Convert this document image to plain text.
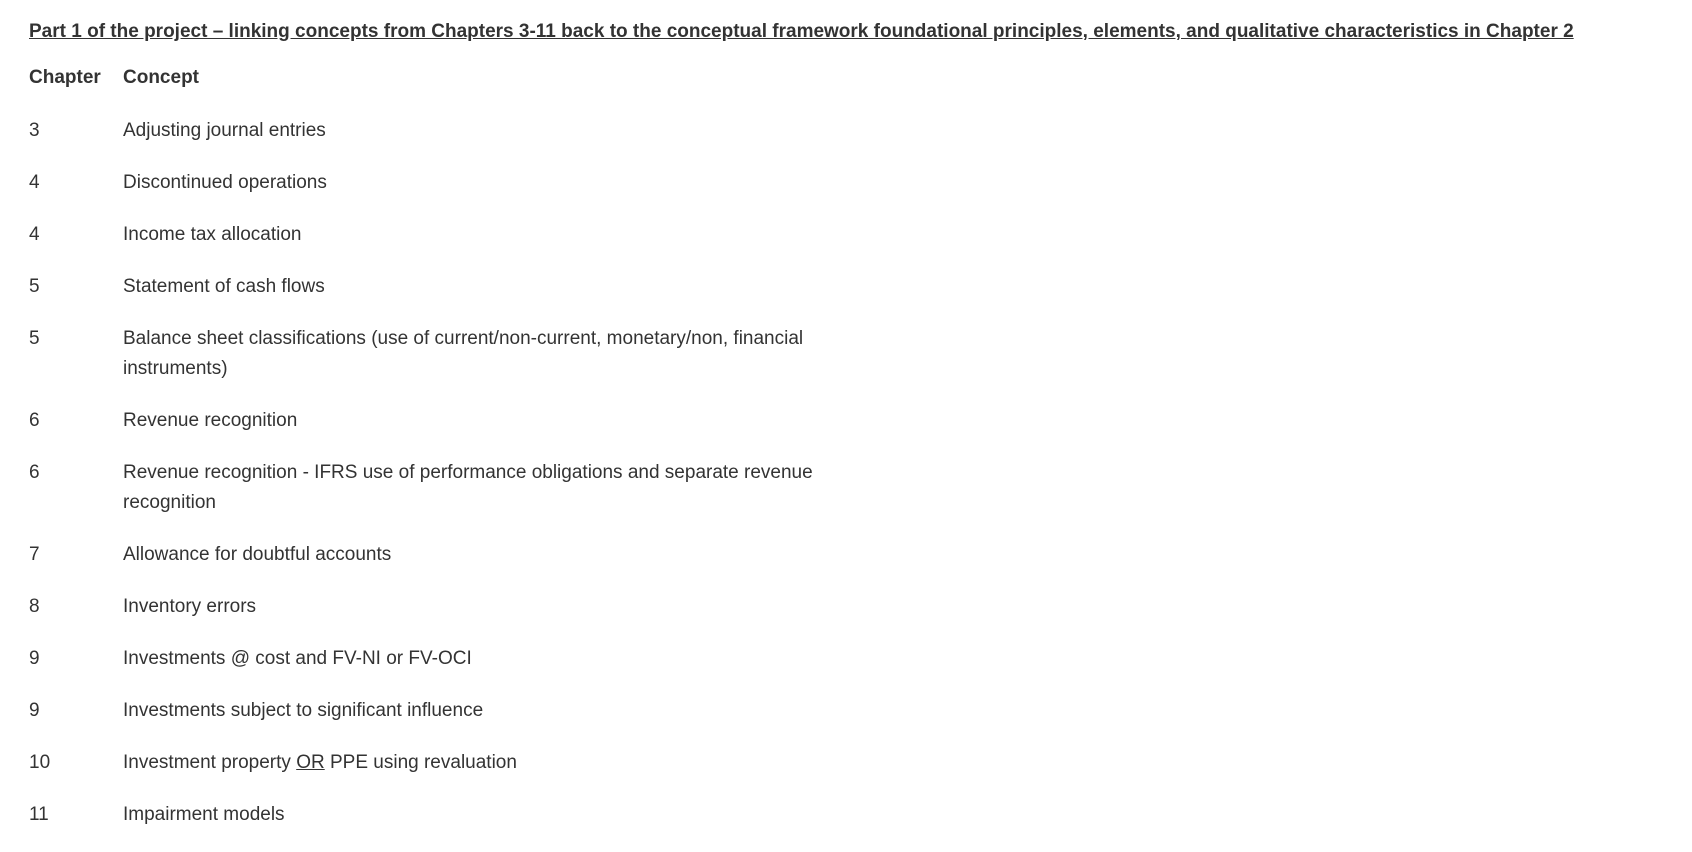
Part 1 of the project – linking concepts from Chapters 3-11 back to the conceptual framework foundational principles, elements, and qualitative characteristics in Chapter 2
Chapter	Concept
3	Adjusting journal entries
4	Discontinued operations
4	Income tax allocation
5	Statement of cash flows
5	Balance sheet classifications (use of current/non-current, monetary/non, financial instruments)
6	Revenue recognition
6	Revenue recognition - IFRS use of performance obligations and separate revenue recognition
7	Allowance for doubtful accounts
8	Inventory errors
9	Investments @ cost and FV-NI or FV-OCI
9	Investments subject to significant influence
10	Investment property OR PPE using revaluation
11	Impairment models
